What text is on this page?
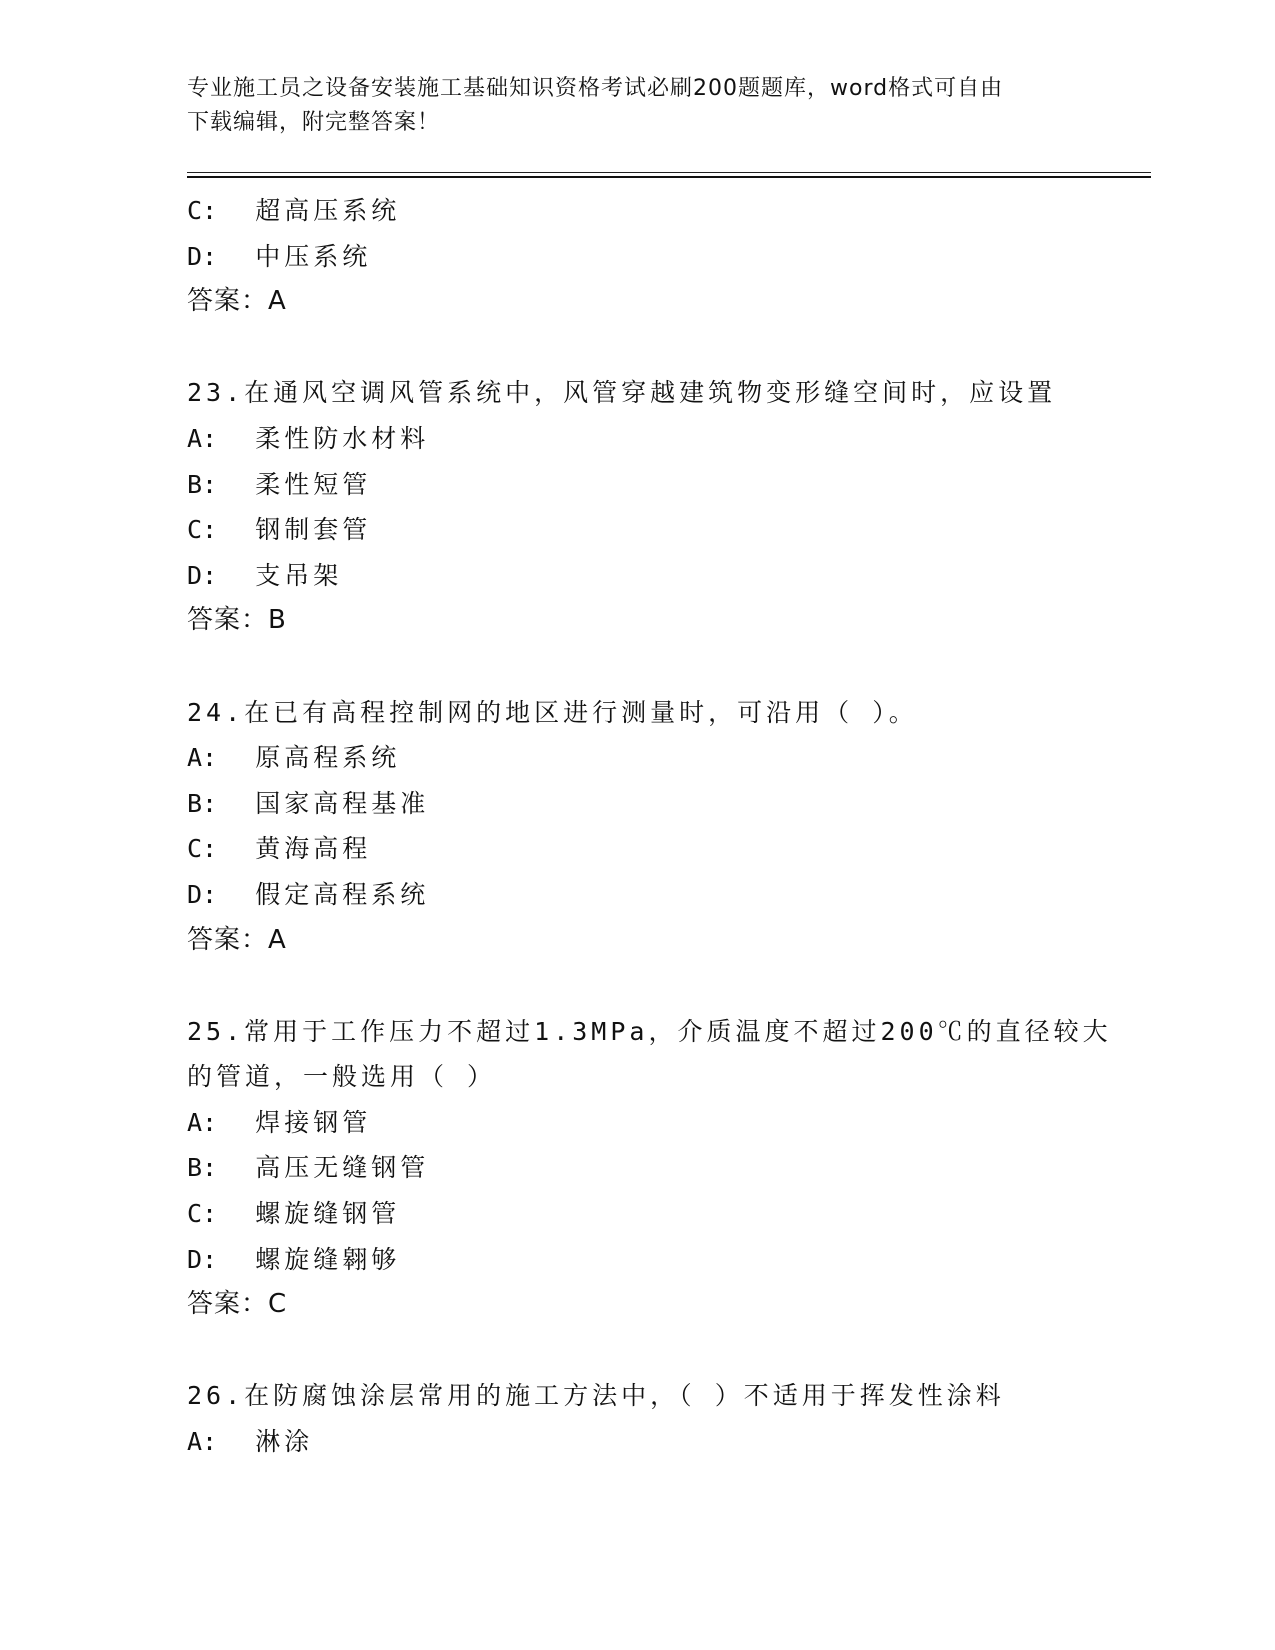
专业施工员之设备安装施工基础知识资格考试必刷200题题库，word格式可自由
下载编辑，附完整答案！
C: 超高压系统
D: 中压系统
答案：A
23.在通风空调风管系统中，风管穿越建筑物变形缝空间时，应设置
A: 柔性防水材料
B: 柔性短管
C: 钢制套管
D: 支吊架
答案：B
24.在已有高程控制网的地区进行测量时，可沿用（ ）。
A: 原高程系统
B: 国家高程基准
C: 黄海高程
D: 假定高程系统
答案：A
25.常用于工作压力不超过1.3MPa，介质温度不超过200℃的直径较大
的管道，一般选用（ ）
A: 焊接钢管
B: 高压无缝钢管
C: 螺旋缝钢管
D: 螺旋缝翱够
答案：C
26.在防腐蚀涂层常用的施工方法中，（ ）不适用于挥发性涂料
A: 淋涂
